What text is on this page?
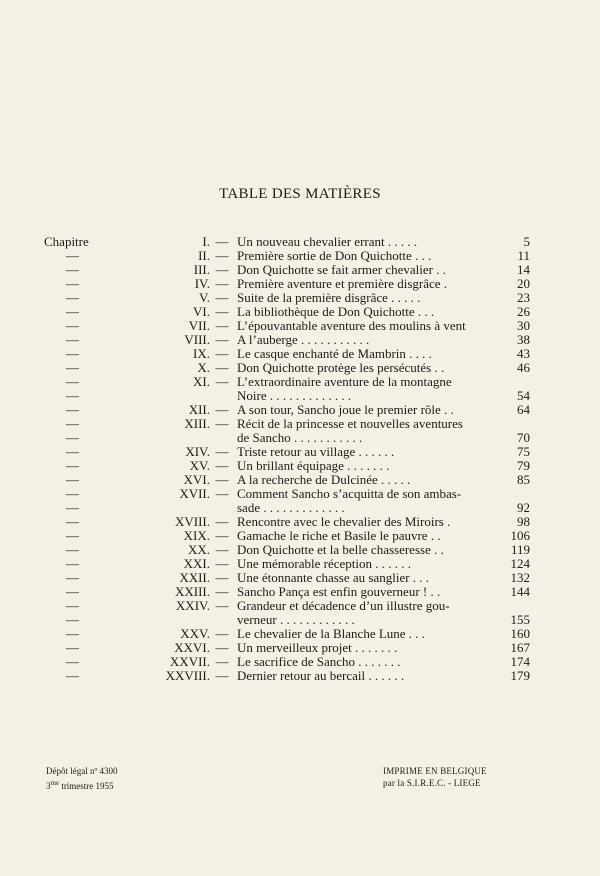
TABLE DES MATIÈRES
Chapitre	I. — Un nouveau chevalier errant . . . . .	5
—	II. — Première sortie de Don Quichotte . . .	11
—	III. — Don Quichotte se fait armer chevalier . .	14
—	IV. — Première aventure et première disgrâce .	20
—	V. — Suite de la première disgrâce . . . . .	23
—	VI. — La bibliothèque de Don Quichotte . . .	26
—	VII. — L’épouvantable aventure des moulins à vent	30
—	VIII. — A l’auberge . . . . . . . . . . .	38
—	IX. — Le casque enchanté de Mambrin . . . .	43
—	X. — Don Quichotte protège les persécutés . .	46
—	XI. — L’extraordinaire aventure de la montagne
—	Noire . . . . . . . . . . . . .	54
—	XII. — A son tour, Sancho joue le premier rôle . .	64
—	XIII. — Récit de la princesse et nouvelles aventures
—	de Sancho . . . . . . . . . . .	70
—	XIV. — Triste retour au village . . . . . .	75
—	XV. — Un brillant équipage . . . . . . .	79
—	XVI. — A la recherche de Dulcinée . . . . .	85
—	XVII. — Comment Sancho s’acquitta de son ambas-
—	sade . . . . . . . . . . . . .	92
—	XVIII. — Rencontre avec le chevalier des Miroirs .	98
—	XIX. — Gamache le riche et Basile le pauvre . .	106
—	XX. — Don Quichotte et la belle chasseresse . .	119
—	XXI. — Une mémorable réception . . . . . .	124
—	XXII. — Une étonnante chasse au sanglier . . .	132
—	XXIII. — Sancho Pança est enfin gouverneur ! . .	144
—	XXIV. — Grandeur et décadence d’un illustre gou-
—	verneur . . . . . . . . . . . .	155
—	XXV. — Le chevalier de la Blanche Lune . . .	160
—	XXVI. — Un merveilleux projet . . . . . . .	167
—	XXVII. — Le sacrifice de Sancho . . . . . . .	174
—	XXVIII. — Dernier retour au bercail . . . . . .	179
Dépôt légal nº 4300
$3^{me}$ trimestre 1955
IMPRIME EN BELGIQUE
par la S.I.R.E.C. - LIEGE
